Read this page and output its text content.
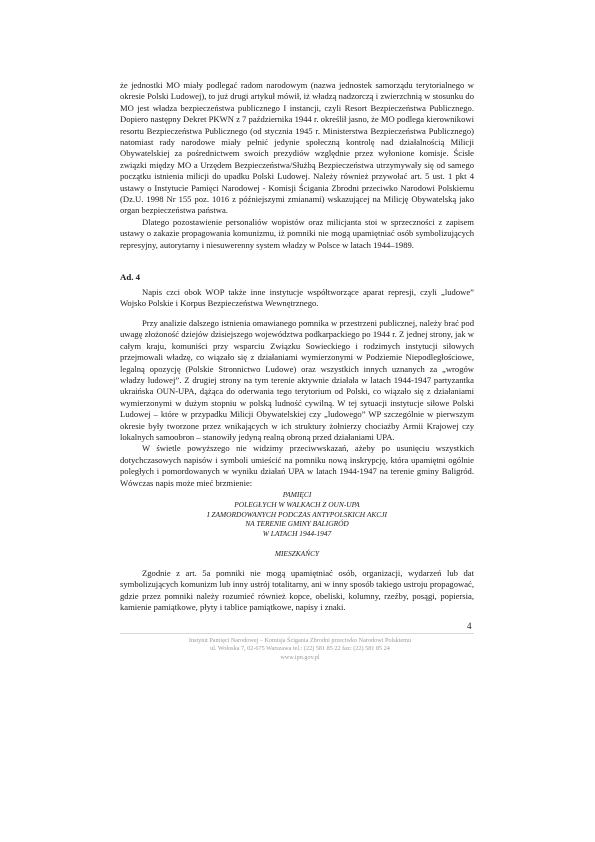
że jednostki MO miały podlegać radom narodowym (nazwa jednostek samorządu terytorialnego w okresie Polski Ludowej), to już drugi artykuł mówił, iż władzą nadzorczą i zwierzchnią w stosunku do MO jest władza bezpieczeństwa publicznego I instancji, czyli Resort Bezpieczeństwa Publicznego. Dopiero następny Dekret PKWN z 7 października 1944 r. określił jasno, że MO podlega kierownikowi resortu Bezpieczeństwa Publicznego (od stycznia 1945 r. Ministerstwa Bezpieczeństwa Publicznego) natomiast rady narodowe miały pełnić jedynie społeczną kontrolę nad działalnością Milicji Obywatelskiej za pośrednictwem swoich prezydiów względnie przez wyłonione komisje. Ścisłe związki między MO a Urzędem Bezpieczeństwa/Służbą Bezpieczeństwa utrzymywały się od samego początku istnienia milicji do upadku Polski Ludowej. Należy również przywołać art. 5 ust. 1 pkt 4 ustawy o Instytucie Pamięci Narodowej - Komisji Ścigania Zbrodni przeciwko Narodowi Polskiemu (Dz.U. 1998 Nr 155 poz. 1016 z późniejszymi zmianami) wskazującej na Milicję Obywatelską jako organ bezpieczeństwa państwa.

Dlatego pozostawienie personaliów wopistów oraz milicjanta stoi w sprzeczności z zapisem ustawy o zakazie propagowania komunizmu, iż pomniki nie mogą upamiętniać osób symbolizujących represyjny, autorytarny i niesuwerenny system władzy w Polsce w latach 1944–1989.

Ad. 4

Napis czci obok WOP także inne instytucje współtworzące aparat represji, czyli „ludowe” Wojsko Polskie i Korpus Bezpieczeństwa Wewnętrznego.

Przy analizie dalszego istnienia omawianego pomnika w przestrzeni publicznej, należy brać pod uwagę złożoność dziejów dzisiejszego województwa podkarpackiego po 1944 r. Z jednej strony, jak w całym kraju, komuniści przy wsparciu Związku Sowieckiego i rodzimych instytucji siłowych przejmowali władzę, co wiązało się z działaniami wymierzonymi w Podziemie Niepodległościowe, legalną opozycję (Polskie Stronnictwo Ludowe) oraz wszystkich innych uznanych za „wrogów władzy ludowej”. Z drugiej strony na tym terenie aktywnie działała w latach 1944-1947 partyzantka ukraińska OUN-UPA, dążąca do oderwania tego terytorium od Polski, co wiązało się z działaniami wymierzonymi w dużym stopniu w polską ludność cywilną. W tej sytuacji instytucje siłowe Polski Ludowej – które w przypadku Milicji Obywatelskiej czy „ludowego” WP szczególnie w pierwszym okresie były tworzone przez wnikających w ich struktury żołnierzy chociażby Armii Krajowej czy lokalnych samoobron – stanowiły jedyną realną obroną przed działaniami UPA.

W świetle powyższego nie widzimy przeciwwskazań, ażeby po usunięciu wszystkich dotychczasowych napisów i symboli umieścić na pomniku nową inskrypcję, która upamiętni ogólnie poległych i pomordowanych w wyniku działań UPA w latach 1944-1947 na terenie gminy Baligród. Wówczas napis może mieć brzmienie:

PAMIĘCI
POLEGŁYCH W WALKACH Z OUN-UPA
I ZAMORDOWANYCH PODCZAS ANTYPOLSKICH AKCJI
NA TERENIE GMINY BALIGRÓD
W LATACH 1944-1947
MIESZKAŃCY

Zgodnie z art. 5a pomniki nie mogą upamiętniać osób, organizacji, wydarzeń lub dat symbolizujących komunizm lub inny ustrój totalitarny, ani w inny sposób takiego ustroju propagować, gdzie przez pomniki należy rozumieć również kopce, obeliski, kolumny, rzeźby, posągi, popiersia, kamienie pamiątkowe, płyty i tablice pamiątkowe, napisy i znaki.

4
Instytut Pamięci Narodowej – Komisja Ścigania Zbrodni przeciwko Narodowi Polskiemu
ul. Wołoska 7, 02-675 Warszawa tel.: (22) 581 85 22 fax: (22) 581 85 24
www.ipn.gov.pl
